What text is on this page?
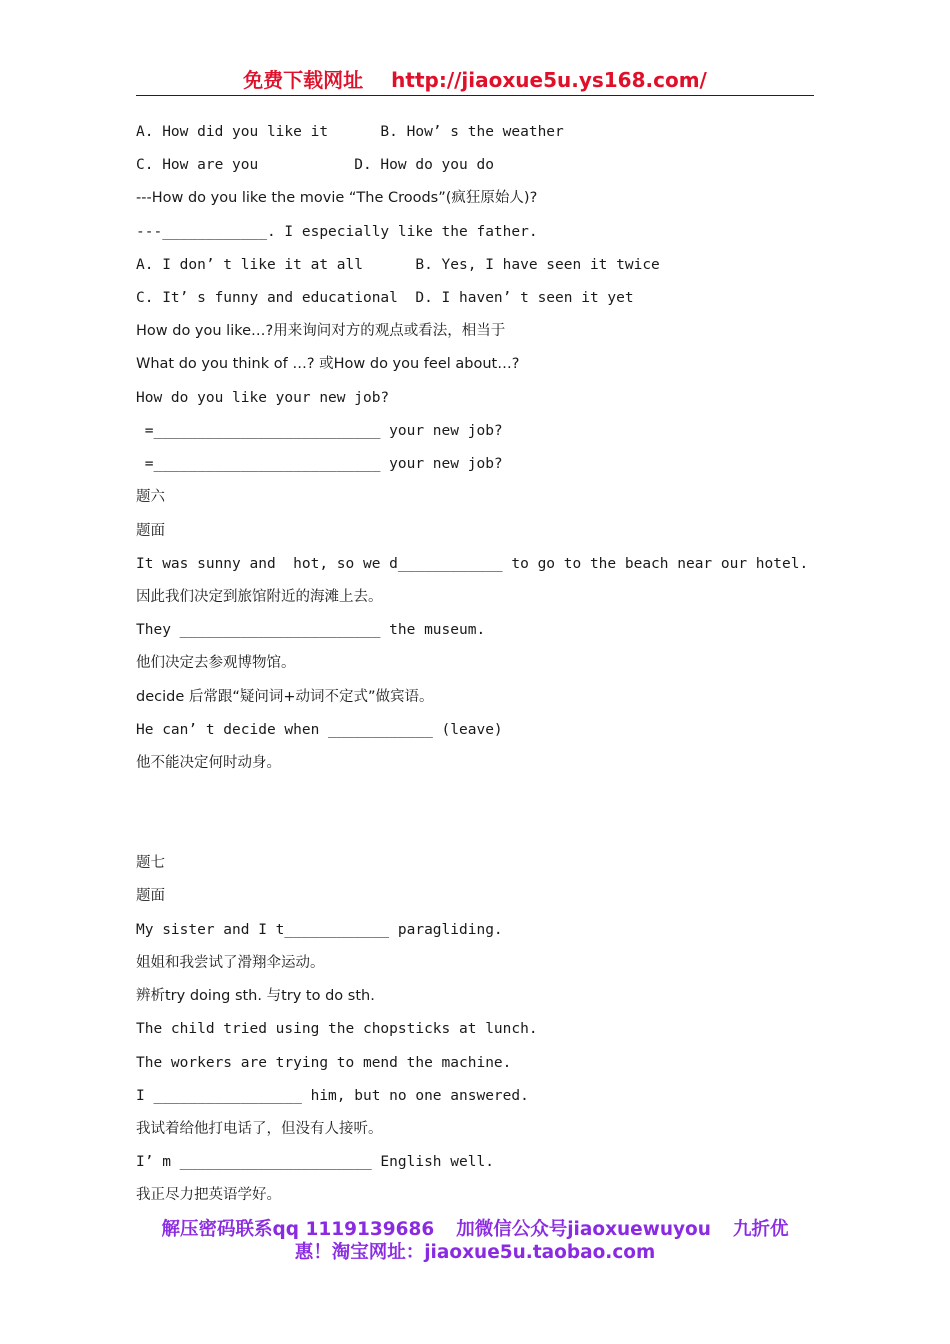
免费下载网址 http://jiaoxue5u.ys168.com/
A. How did you like it      B. How’ s the weather
C. How are you           D. How do you do
---How do you like the movie “The Croods”(疯狂原始人)?
---____________. I especially like the father.
A. I don’ t like it at all      B. Yes, I have seen it twice
C. It’ s funny and educational  D. I haven’ t seen it yet
How do you like…?用来询问对方的观点或看法，相当于
What do you think of …? 或How do you feel about…?
How do you like your new job?
=__________________________ your new job?
=__________________________ your new job?
题六
题面
It was sunny and  hot, so we d____________ to go to the beach near our hotel.
因此我们决定到旅馆附近的海滩上去。
They _______________________ the museum.
他们决定去参观博物馆。
decide 后常跟“疑问词+动词不定式”做宾语。
He can’ t decide when ____________ (leave)
他不能决定何时动身。
题七
题面
My sister and I t____________ paragliding.
姐姐和我尝试了滑翔伞运动。
辨析try doing sth. 与try to do sth.
The child tried using the chopsticks at lunch.
The workers are trying to mend the machine.
I _________________ him, but no one answered.
我试着给他打电话了，但没有人接听。
I’ m ______________________ English well.
我正尽力把英语学好。
解压密码联系qq 1119139686 加微信公众号jiaoxuewuyou 九折优
惠！淘宝网址：jiaoxue5u.taobao.com
